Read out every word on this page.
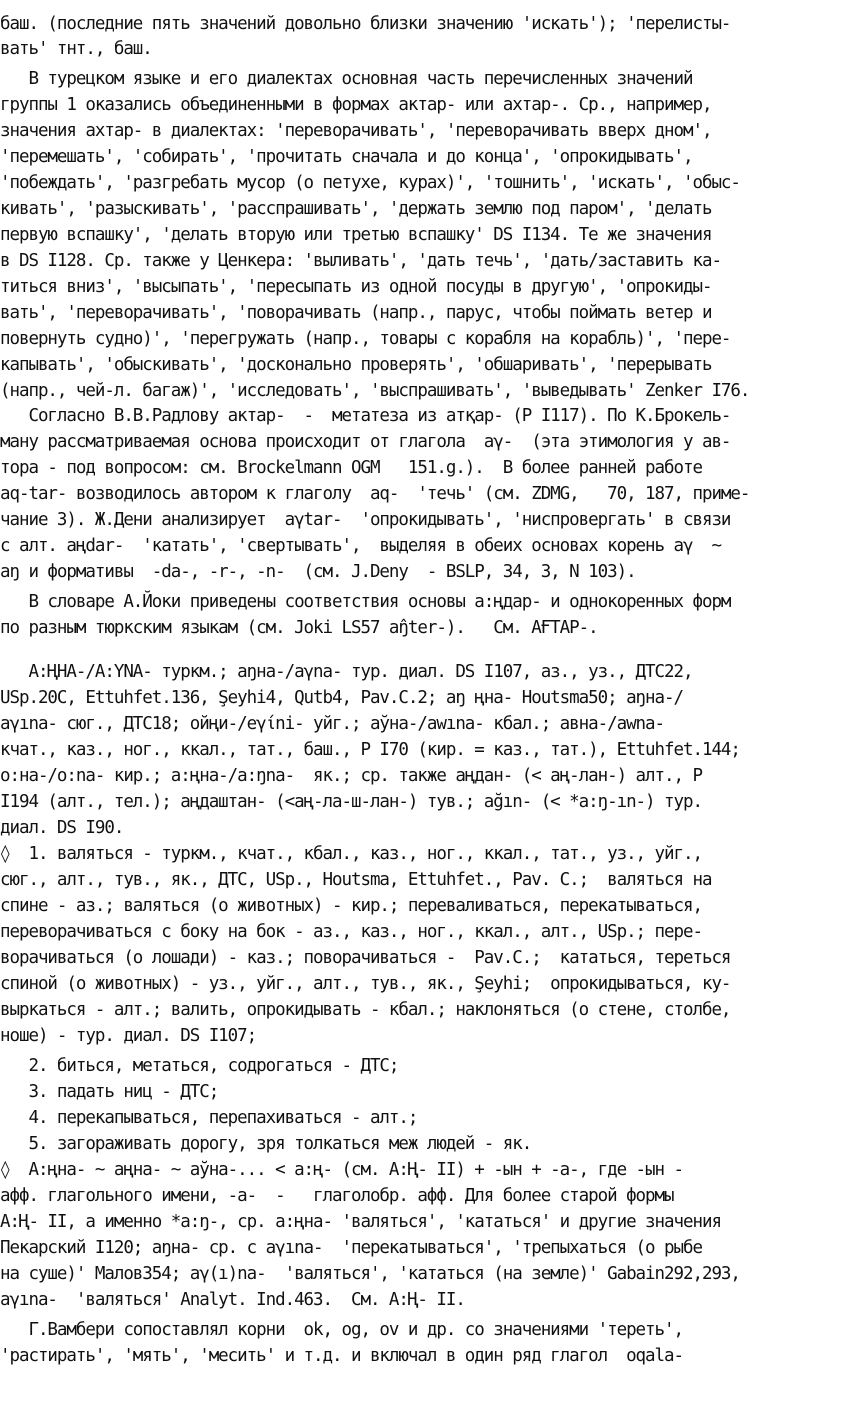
баш. (последние пять значений довольно близки значению 'искать'); 'перелисты-
вать' тнт., баш.
В турецком языке и его диалектах основная часть перечисленных значений
группы 1 оказались объединенными в формах aктар- или ахтар-. Ср., например,
значения ахтар- в диалектах: 'переворачивать', 'переворачивать вверх дном',
'перемешать', 'собирать', 'прочитать сначала и до конца', 'опрокидывать',
'побеждать', 'разгребать мусор (о петухе, курах)', 'тошнить', 'искать', 'обыс-
кивать', 'разыскивать', 'расспрашивать', 'держать землю под паром', 'делать
первую вспашку', 'делать вторую или третью вспашку' DS I134. Те же значения
в DS I128. Ср. также у Ценкера: 'выливать', 'дать течь', 'дать/заставить ка-
титься вниз', 'высыпать', 'пересыпать из одной посуды в другую', 'опрокиды-
вать', 'переворачивать', 'поворачивать (напр., парус, чтобы поймать ветер и
повернуть судно)', 'перегружать (напр., товары с корабля на корабль)', 'пере-
капывать', 'обыскивать', 'досконально проверять', 'обшаривать', 'перерывать
(напр., чей-л. багаж)', 'исследовать', 'выспрашивать', 'выведывать' Zenker I76.
Согласно В.В.Радлову актар-  -  метатеза из атқар- (Р I117). По К.Брокель-
ману рассматриваемая основа происходит от глагола  аγ-  (эта этимология у ав-
тора - под вопросом: см. Brockelmann OGM   151.g.).  В более ранней работе
aq-tar- возводилось автором к глаголу  aq-  'течь' (см. ZDMG,   70, 187, приме-
чание 3). Ж.Дени анализирует  aγtar-  'опрокидывать', 'ниспровергать' в связи
с алт. aңdar-  'катать', 'свертывать',  выделяя в обеих основах корень аγ  ~
аŋ и формативы  -da-, -r-, -n-  (см. J.Deny  - BSLP, 34, 3, N 103).
В словаре А.Йоки приведены соответствия основы а:ңдар- и однокоренных форм
по разным тюркским языкам (см. Joki LS57 aŋ̂ter-).   См. АҒТАР-.
А:ҢНА-/А:ΥNA- туркм.; аŋна-/аγna- тур. диал. DS I107, аз., уз., ДТС22,
USp.20C, Ettuhfet.136, Şeyhi4, Qutb4, Pav.C.2; aŋ ңна- Houtsma50; аŋна-/
аγına- сюг., ДТС18; ойңи-/еγίni- уйг.; аўна-/awına- кбал.; авна-/awna-
кчат., каз., ног., ккал., тат., баш., Р I70 (кир. = каз., тат.), Ettuhfet.144;
о:на-/о:na- кир.; а:ңна-/а:ŋna-  як.; ср. также аңдан- (< аң-лан-) алт., Р
I194 (алт., тел.); аңдаштан- (<аң-ла-ш-лан-) тув.; ağın- (< *а:ŋ-ın-) тур.
диал. DS I90.
◊  1. валяться - туркм., кчат., кбал., каз., ног., ккал., тат., уз., уйг.,
сюг., алт., тув., як., ДТС, USp., Houtsma, Ettuhfet., Pav. C.;  валяться на
спине - аз.; валяться (о животных) - кир.; переваливаться, перекатываться,
переворачиваться с боку на бок - аз., каз., ног., ккал., алт., USp.; пере-
ворачиваться (о лошади) - каз.; поворачиваться -  Pav.C.;  кататься, тереться
спиной (о животных) - уз., уйг., алт., тув., як., Şeyhi;  опрокидываться, ку-
выркаться - алт.; валить, опрокидывать - кбал.; наклоняться (о стене, столбе,
ноше) - тур. диал. DS I107;
2. биться, метаться, содрогаться - ДТС;
3. падать ниц - ДТС;
4. перекапываться, перепахиваться - алт.;
5. загораживать дорогу, зря толкаться меж людей - як.
◊  А:ңна- ~ аңна- ~ аўна-... < а:ң- (см. А:Ң- II) + -ын + -а-, где -ын -
афф. глагольного имени, -а-  -   глаголобр. афф. Для более старой формы
А:Ң- II, а именно *а:ŋ-, ср. а:ңна- 'валяться', 'кататься' и другие значения
Пекарский I120; аŋна- ср. с aγına-  'перекатываться', 'трепыхаться (о рыбе
на суше)' Малов354; aγ(ı)na-  'валяться', 'кататься (на земле)' Gabain292,293,
aγına-  'валяться' Analyt. Ind.463.  См. А:Ң- II.
Г.Вамбери сопоставлял корни  ok, og, ov и др. со значениями 'тереть',
'растирать', 'мять', 'месить' и т.д. и включал в один ряд глагол  oqala-
